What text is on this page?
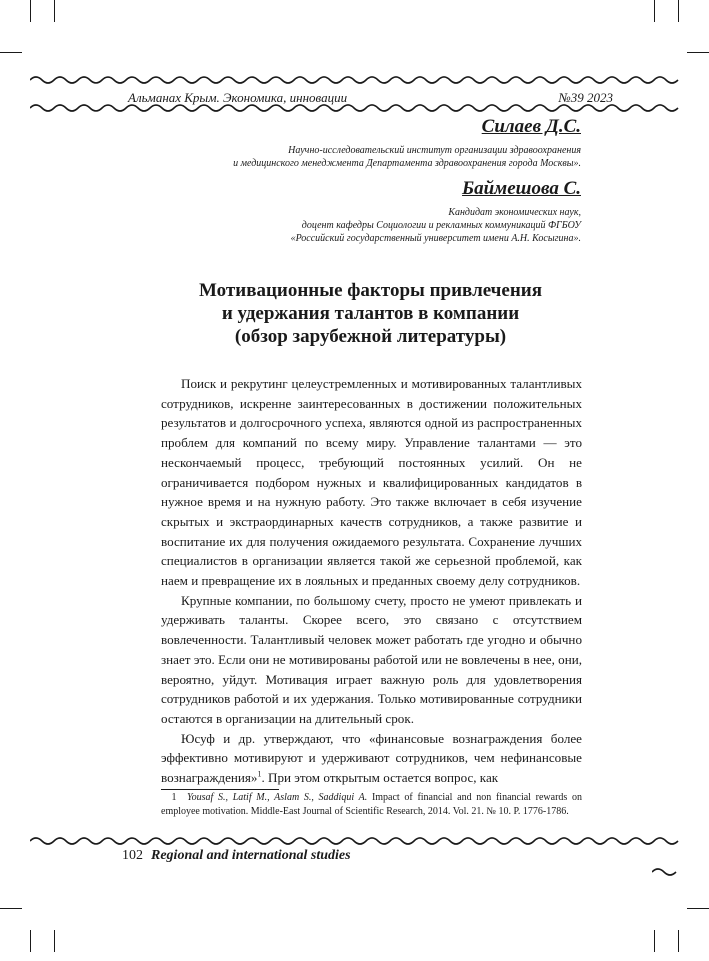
Альманах Крым. Экономика, инновации	№39 2023
Силаев Д.С.
Научно-исследовательский институт организации здравоохранения
и медицинского менеджмента Департамента здравоохранения города Москвы».
Баймешова С.
Кандидат экономических наук,
доцент кафедры Социологии и рекламных коммуникаций ФГБОУ
«Российский государственный университет имени А.Н. Косыгина».
Мотивационные факторы привлечения
и удержания талантов в компании
(обзор зарубежной литературы)

Поиск и рекрутинг целеустремленных и мотивированных талантливых сотрудников, искренне заинтересованных в достижении положительных результатов и долгосрочного успеха, являются одной из распространенных проблем для компаний по всему миру. Управление талантами — это нескончаемый процесс, требующий постоянных усилий. Он не ограничивается подбором нужных и квалифицированных кандидатов в нужное время и на нужную работу. Это также включает в себя изучение скрытых и экстраординарных качеств сотрудников, а также развитие и воспитание их для получения ожидаемого результата. Сохранение лучших специалистов в организации является такой же серьезной проблемой, как наем и превращение их в лояльных и преданных своему делу сотрудников.

Крупные компании, по большому счету, просто не умеют привлекать и удерживать таланты. Скорее всего, это связано с отсутствием вовлеченности. Талантливый человек может работать где угодно и обычно знает это. Если они не мотивированы работой или не вовлечены в нее, они, вероятно, уйдут. Мотивация играет важную роль для удовлетворения сотрудников работой и их удержания. Только мотивированные сотрудники остаются в организации на длительный срок.

Юсуф и др. утверждают, что «финансовые вознаграждения более эффективно мотивируют и удерживают сотрудников, чем нефинансовые вознаграждения»$^1$. При этом открытым остается вопрос, как

1 Yousaf S., Latif M., Aslam S., Saddiqui A. Impact of financial and non financial rewards on employee motivation. Middle-East Journal of Scientific Research, 2014. Vol. 21. № 10. P. 1776-1786.
102 Regional and international studies
